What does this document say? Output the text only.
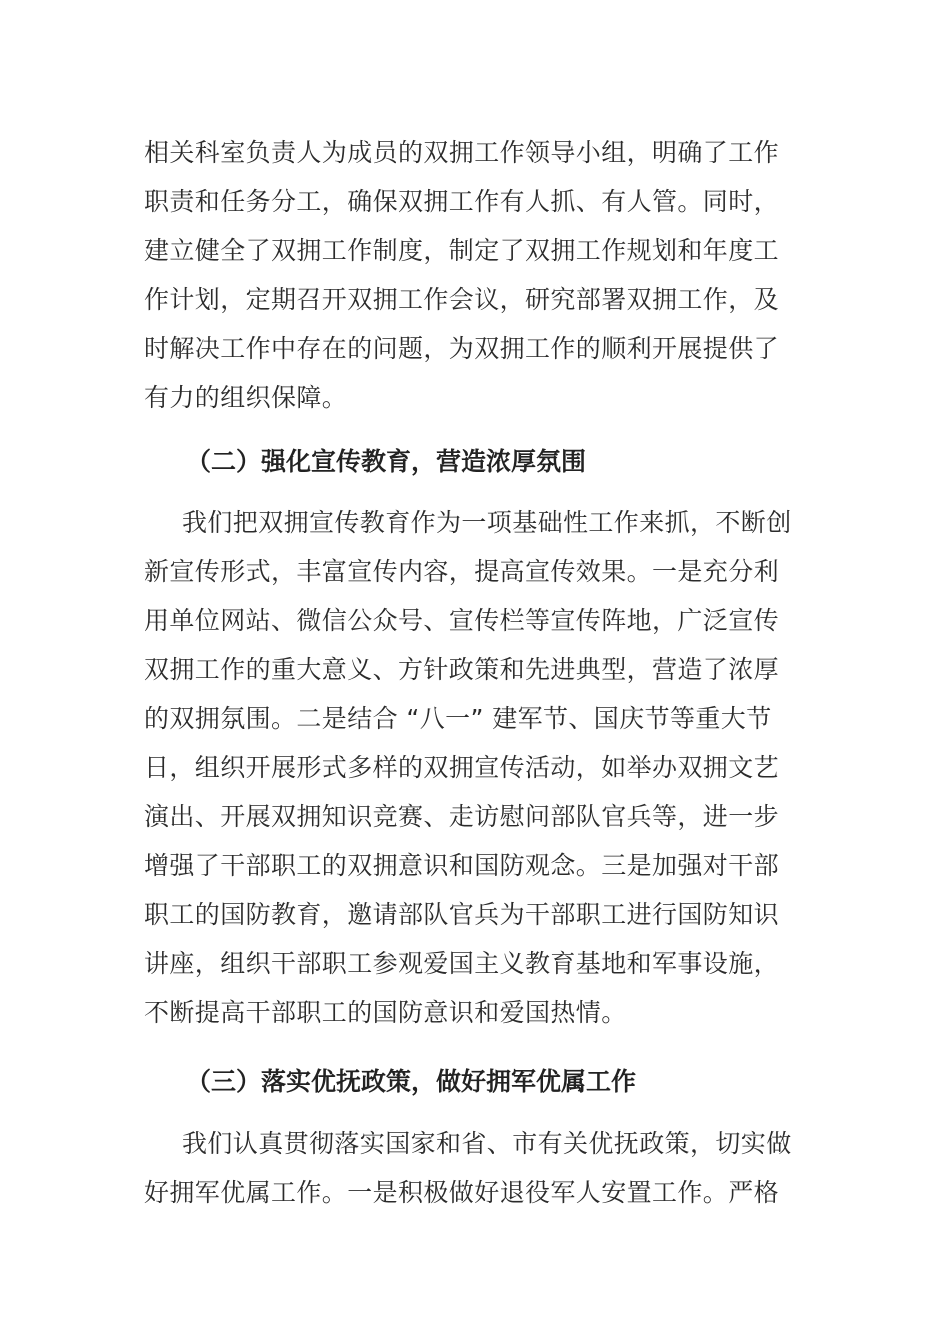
相关科室负责人为成员的双拥工作领导小组，明确了工作
职责和任务分工，确保双拥工作有人抓、有人管。同时，
建立健全了双拥工作制度，制定了双拥工作规划和年度工
作计划，定期召开双拥工作会议，研究部署双拥工作，及
时解决工作中存在的问题，为双拥工作的顺利开展提供了
有力的组织保障。
（二）强化宣传教育，营造浓厚氛围
我们把双拥宣传教育作为一项基础性工作来抓，不断创
新宣传形式，丰富宣传内容，提高宣传效果。一是充分利
用单位网站、微信公众号、宣传栏等宣传阵地，广泛宣传
双拥工作的重大意义、方针政策和先进典型，营造了浓厚
的双拥氛围。二是结合 “八一” 建军节、国庆节等重大节
日，组织开展形式多样的双拥宣传活动，如举办双拥文艺
演出、开展双拥知识竞赛、走访慰问部队官兵等，进一步
增强了干部职工的双拥意识和国防观念。三是加强对干部
职工的国防教育，邀请部队官兵为干部职工进行国防知识
讲座，组织干部职工参观爱国主义教育基地和军事设施，
不断提高干部职工的国防意识和爱国热情。
（三）落实优抚政策，做好拥军优属工作
我们认真贯彻落实国家和省、市有关优抚政策，切实做
好拥军优属工作。一是积极做好退役军人安置工作。严格
